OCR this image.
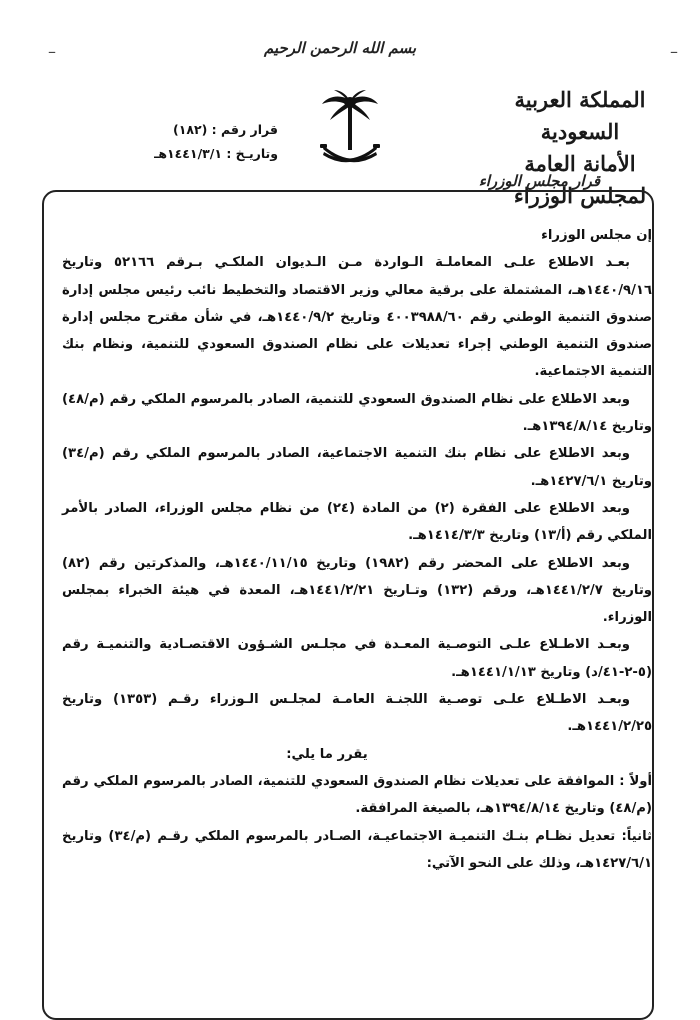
بسم الله الرحمن الرحيم
–	–
المملكة العربية السعودية
الأمانة العامة لمجلس الوزراء
قرار رقم : (١٨٢)
وتاريـخ : ١٤٤١/٣/١هـ
قرار مجلس الوزراء

إن مجلس الوزراء

بعـد الاطلاع علـى المعاملـة الـواردة مـن الـديوان الملكـي بـرقم ٥٢١٦٦ وتاريخ ١٤٤٠/٩/١٦هـ، المشتملة على برقية معالي وزير الاقتصاد والتخطيط نائب رئيس مجلس إدارة صندوق التنمية الوطني رقم ٤٠٠٣٩٨٨/٦٠ وتاريخ ١٤٤٠/٩/٢هـ، في شأن مقترح مجلس إدارة صندوق التنمية الوطني إجراء تعديلات على نظام الصندوق السعودي للتنمية، ونظام بنك التنمية الاجتماعية.

وبعد الاطلاع على نظام الصندوق السعودي للتنمية، الصادر بالمرسوم الملكي رقم (م/٤٨) وتاريخ ١٣٩٤/٨/١٤هـ.

وبعد الاطلاع على نظام بنك التنمية الاجتماعية، الصادر بالمرسوم الملكي رقم (م/٣٤) وتاريخ ١٤٢٧/٦/١هـ.

وبعد الاطلاع على الفقرة (٢) من المادة (٢٤) من نظام مجلس الوزراء، الصادر بالأمر الملكي رقم (أ/١٣) وتاريخ ١٤١٤/٣/٣هـ.

وبعد الاطلاع على المحضر رقم (١٩٨٢) وتاريخ ١٤٤٠/١١/١٥هـ، والمذكرتين رقم (٨٢) وتاريخ ١٤٤١/٢/٧هـ، ورقم (١٣٢) وتـاريخ ١٤٤١/٢/٢١هـ، المعدة في هيئة الخبراء بمجلس الوزراء.

وبعـد الاطـلاع علـى التوصـية المعـدة في مجلـس الشـؤون الاقتصـادية والتنميـة رقم (٥-٢-٤١/د) وتاريخ ١٤٤١/١/١٣هـ.

وبعـد الاطـلاع علـى توصـية اللجنـة العامـة لمجلـس الـوزراء رقـم (١٣٥٣) وتاريخ ١٤٤١/٢/٢٥هـ.

يقرر ما يلي:

أولاً : الموافقة على تعديلات نظام الصندوق السعودي للتنمية، الصادر بالمرسوم الملكي رقم (م/٤٨) وتاريخ ١٣٩٤/٨/١٤هـ، بالصيغة المرافقة.

ثانياً: تعديل نظـام بنـك التنميـة الاجتماعيـة، الصـادر بالمرسوم الملكي رقـم (م/٣٤) وتاريخ ١٤٢٧/٦/١هـ، وذلك على النحو الآتي:
